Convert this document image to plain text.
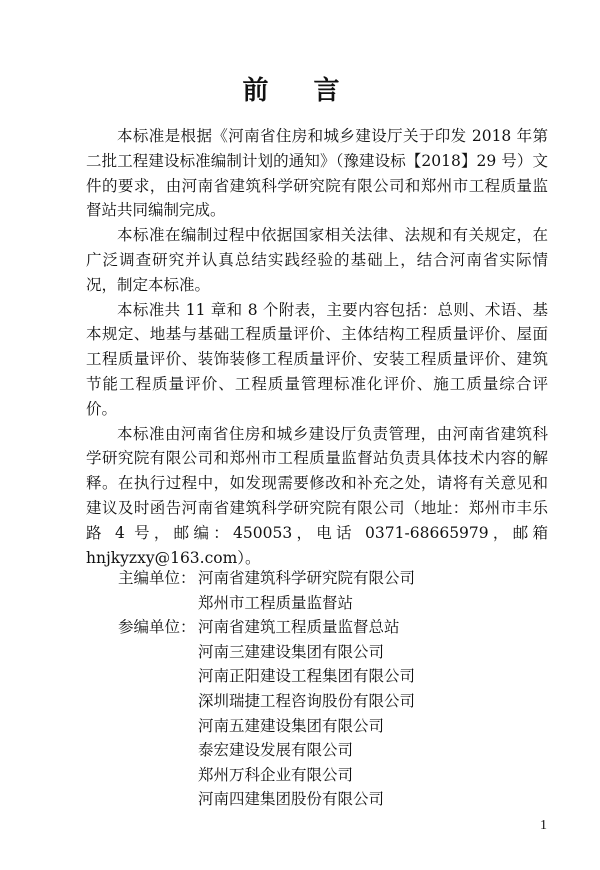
前 言

本标准是根据《河南省住房和城乡建设厅关于印发 2018 年第二批工程建设标准编制计划的通知》（豫建设标【2018】29 号）文件的要求，由河南省建筑科学研究院有限公司和郑州市工程质量监督站共同编制完成。

本标准在编制过程中依据国家相关法律、法规和有关规定，在广泛调查研究并认真总结实践经验的基础上，结合河南省实际情况，制定本标准。

本标准共 11 章和 8 个附表，主要内容包括：总则、术语、基本规定、地基与基础工程质量评价、主体结构工程质量评价、屋面工程质量评价、装饰装修工程质量评价、安装工程质量评价、建筑节能工程质量评价、工程质量管理标准化评价、施工质量综合评价。

本标准由河南省住房和城乡建设厅负责管理，由河南省建筑科学研究院有限公司和郑州市工程质量监督站负责具体技术内容的解释。在执行过程中，如发现需要修改和补充之处，请将有关意见和建议及时函告河南省建筑科学研究院有限公司（地址：郑州市丰乐路 4 号，邮编：450053，电话 0371-68665979，邮箱 hnjkyzxy@163.com）。

主编单位： 河南省建筑科学研究院有限公司
郑州市工程质量监督站
参编单位： 河南省建筑工程质量监督总站
河南三建建设集团有限公司
河南正阳建设工程集团有限公司
深圳瑞捷工程咨询股份有限公司
河南五建建设集团有限公司
泰宏建设发展有限公司
郑州万科企业有限公司
河南四建集团股份有限公司
1
